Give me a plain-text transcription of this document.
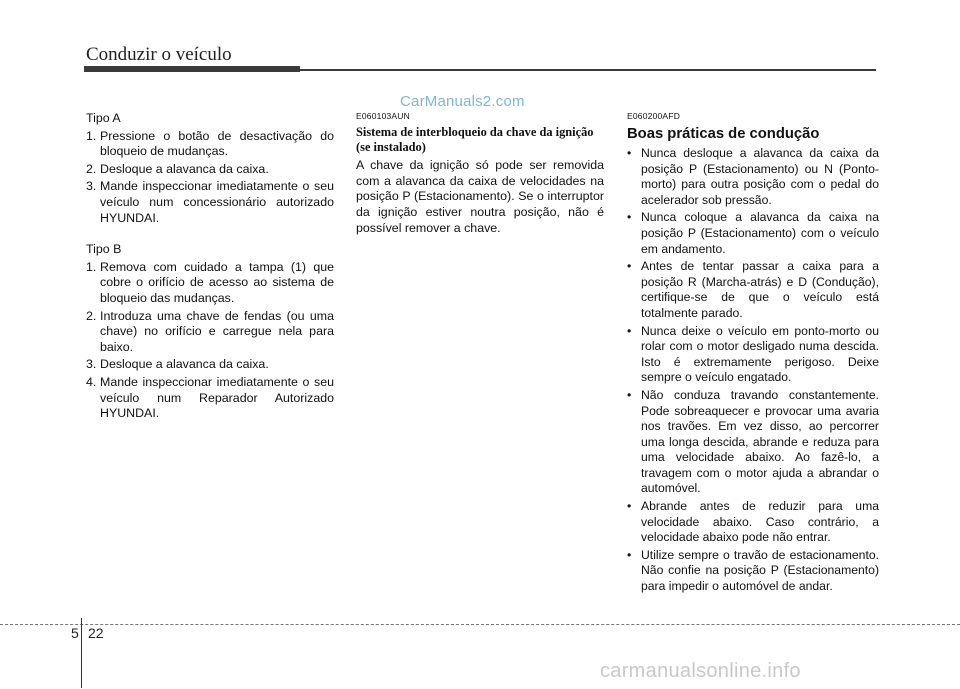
Conduzir o veículo
CarManuals2.com
Tipo A
1. Pressione o botão de desactivação do bloqueio de mudanças.
2. Desloque a alavanca da caixa.
3. Mande inspeccionar imediatamente o seu veículo num concessionário autorizado HYUNDAI.
Tipo B
1. Remova com cuidado a tampa (1) que cobre o orifício de acesso ao sistema de bloqueio das mudanças.
2. Introduza uma chave de fendas (ou uma chave) no orifício e carregue nela para baixo.
3. Desloque a alavanca da caixa.
4. Mande inspeccionar imediatamente o seu veículo num Reparador Autorizado HYUNDAI.
E060103AUN
Sistema de interbloqueio da chave da ignição (se instalado)
A chave da ignição só pode ser removida com a alavanca da caixa de velocidades na posição P (Estacionamento). Se o interruptor da ignição estiver noutra posição, não é possível remover a chave.
E060200AFD
Boas práticas de condução
• Nunca desloque a alavanca da caixa da posição P (Estacionamento) ou N (Ponto-morto) para outra posição com o pedal do acelerador sob pressão.
• Nunca coloque a alavanca da caixa na posição P (Estacionamento) com o veículo em andamento.
• Antes de tentar passar a caixa para a posição R (Marcha-atrás) e D (Condução), certifique-se de que o veículo está totalmente parado.
• Nunca deixe o veículo em ponto-morto ou rolar com o motor desligado numa descida. Isto é extremamente perigoso. Deixe sempre o veículo engatado.
• Não conduza travando constantemente. Pode sobreaquecer e provocar uma avaria nos travões. Em vez disso, ao percorrer uma longa descida, abrande e reduza para uma velocidade abaixo. Ao fazê-lo, a travagem com o motor ajuda a abrandar o automóvel.
• Abrande antes de reduzir para uma velocidade abaixo. Caso contrário, a velocidade abaixo pode não entrar.
• Utilize sempre o travão de estacionamento. Não confie na posição P (Estacionamento) para impedir o automóvel de andar.
5 22
carmanualsonline.info
